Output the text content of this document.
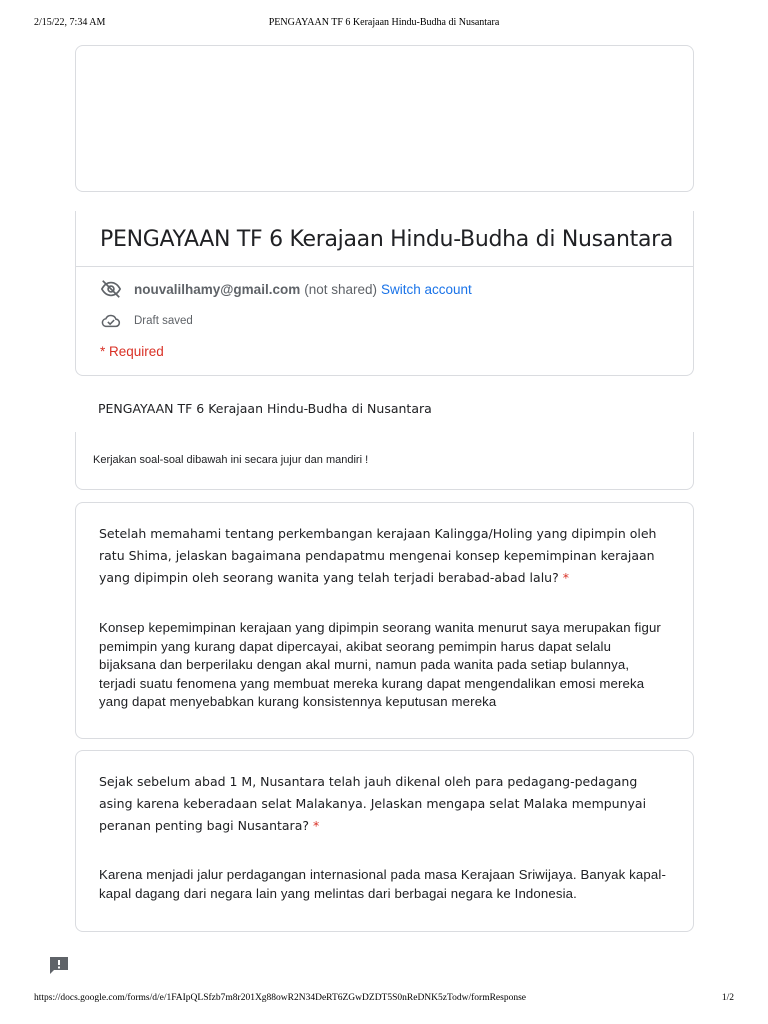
2/15/22, 7:34 AM	PENGAYAAN TF 6 Kerajaan Hindu-Budha di Nusantara
PENGAYAAN TF 6 Kerajaan Hindu-Budha di Nusantara
nouvalilhamy@gmail.com (not shared) Switch account
Draft saved
* Required
PENGAYAAN TF 6 Kerajaan Hindu-Budha di Nusantara
Kerjakan soal-soal dibawah ini secara jujur dan mandiri !
Setelah memahami tentang perkembangan kerajaan Kalingga/Holing yang dipimpin oleh ratu Shima, jelaskan bagaimana pendapatmu mengenai konsep kepemimpinan kerajaan yang dipimpin oleh seorang wanita yang telah terjadi berabad-abad lalu? *
Konsep kepemimpinan kerajaan yang dipimpin seorang wanita menurut saya merupakan figur pemimpin yang kurang dapat dipercayai, akibat seorang pemimpin harus dapat selalu bijaksana dan berperilaku dengan akal murni, namun pada wanita pada setiap bulannya, terjadi suatu fenomena yang membuat mereka kurang dapat mengendalikan emosi mereka yang dapat menyebabkan kurang konsistennya keputusan mereka
Sejak sebelum abad 1 M, Nusantara telah jauh dikenal oleh para pedagang-pedagang asing karena keberadaan selat Malakanya. Jelaskan mengapa selat Malaka mempunyai peranan penting bagi Nusantara? *
Karena menjadi jalur perdagangan internasional pada masa Kerajaan Sriwijaya. Banyak kapal-kapal dagang dari negara lain yang melintas dari berbagai negara ke Indonesia.
https://docs.google.com/forms/d/e/1FAIpQLSfzb7m8r201Xg88owR2N34DeRT6ZGwDZDT5S0nReDNK5zTodw/formResponse	1/2
